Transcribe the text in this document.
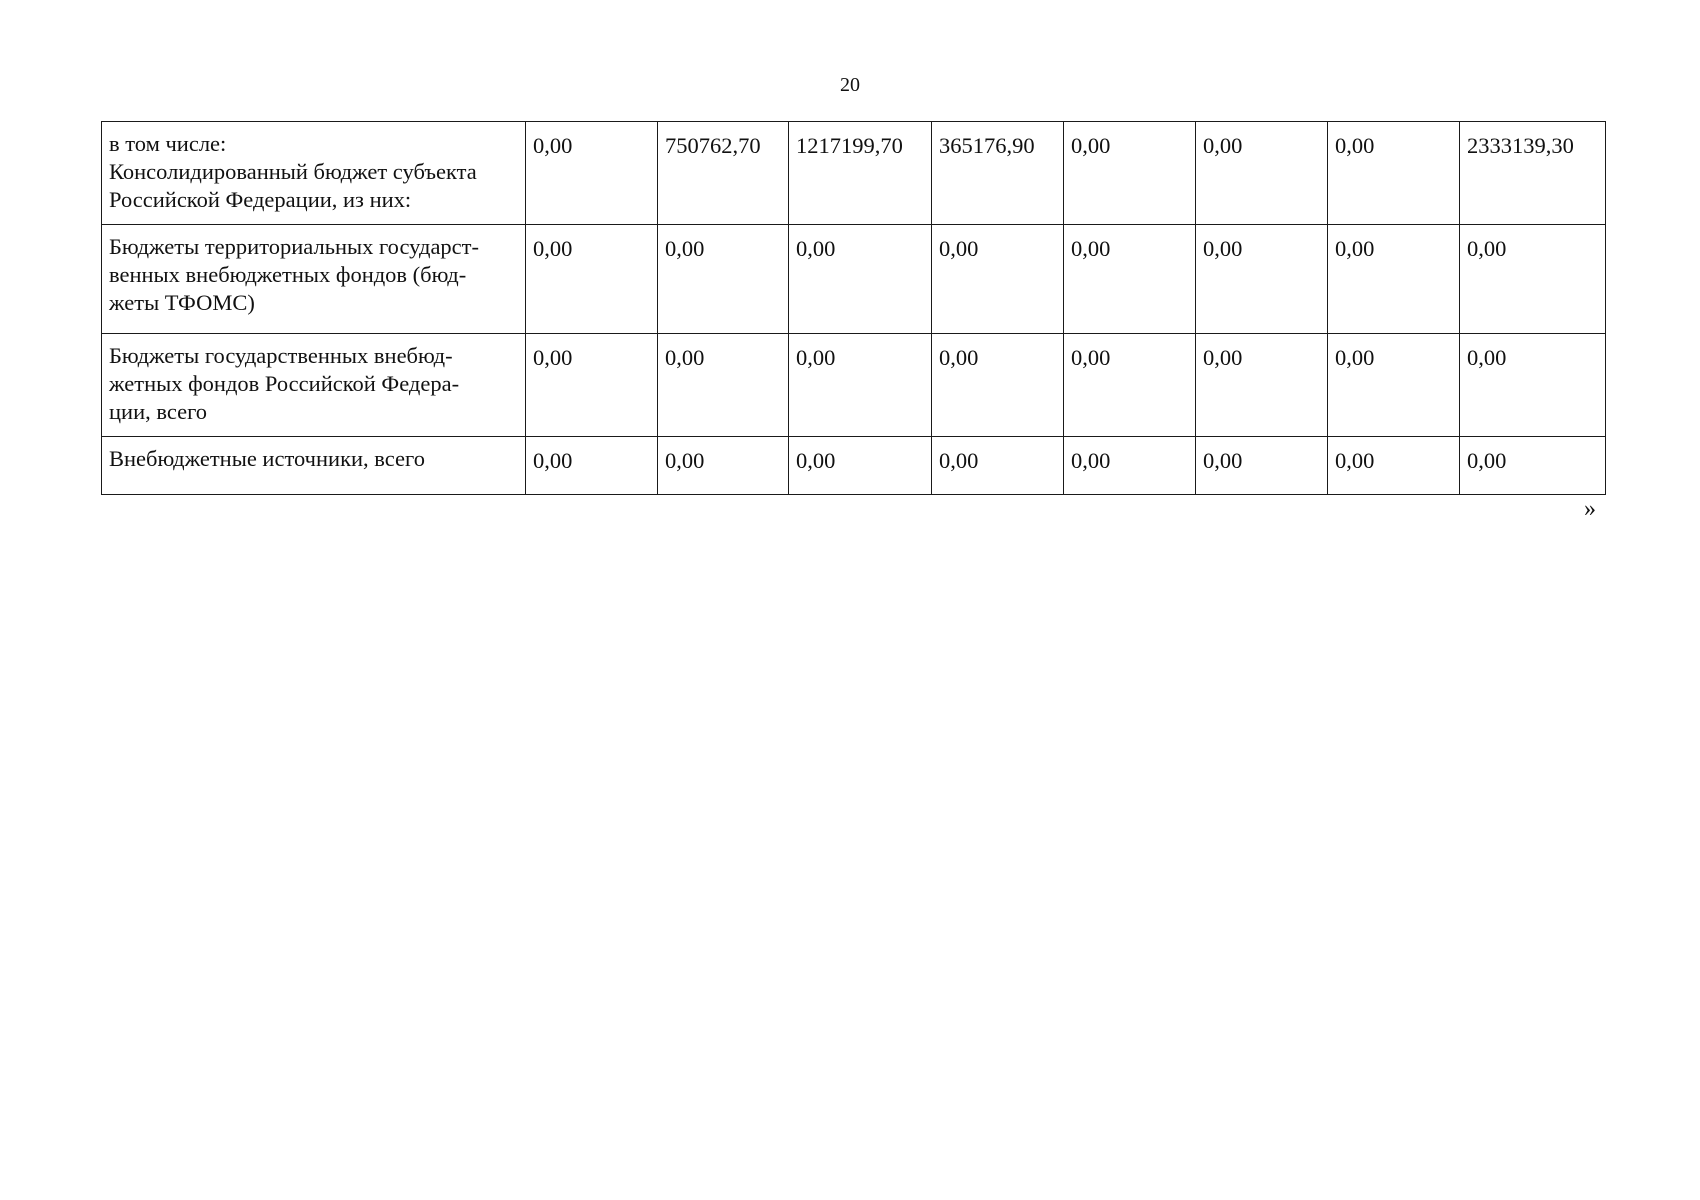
20
в том числе:
Консолидированный бюджет субъекта
Российской Федерации, из них:	0,00	750762,70	1217199,70	365176,90	0,00	0,00	0,00	2333139,30

Бюджеты территориальных государст-
венных внебюджетных фондов (бюд-
жеты ТФОМС)	0,00	0,00	0,00	0,00	0,00	0,00	0,00	0,00

Бюджеты государственных внебюд-
жетных фондов Российской Федера-
ции, всего	0,00	0,00	0,00	0,00	0,00	0,00	0,00	0,00

Внебюджетные источники, всего	0,00	0,00	0,00	0,00	0,00	0,00	0,00	0,00
»
